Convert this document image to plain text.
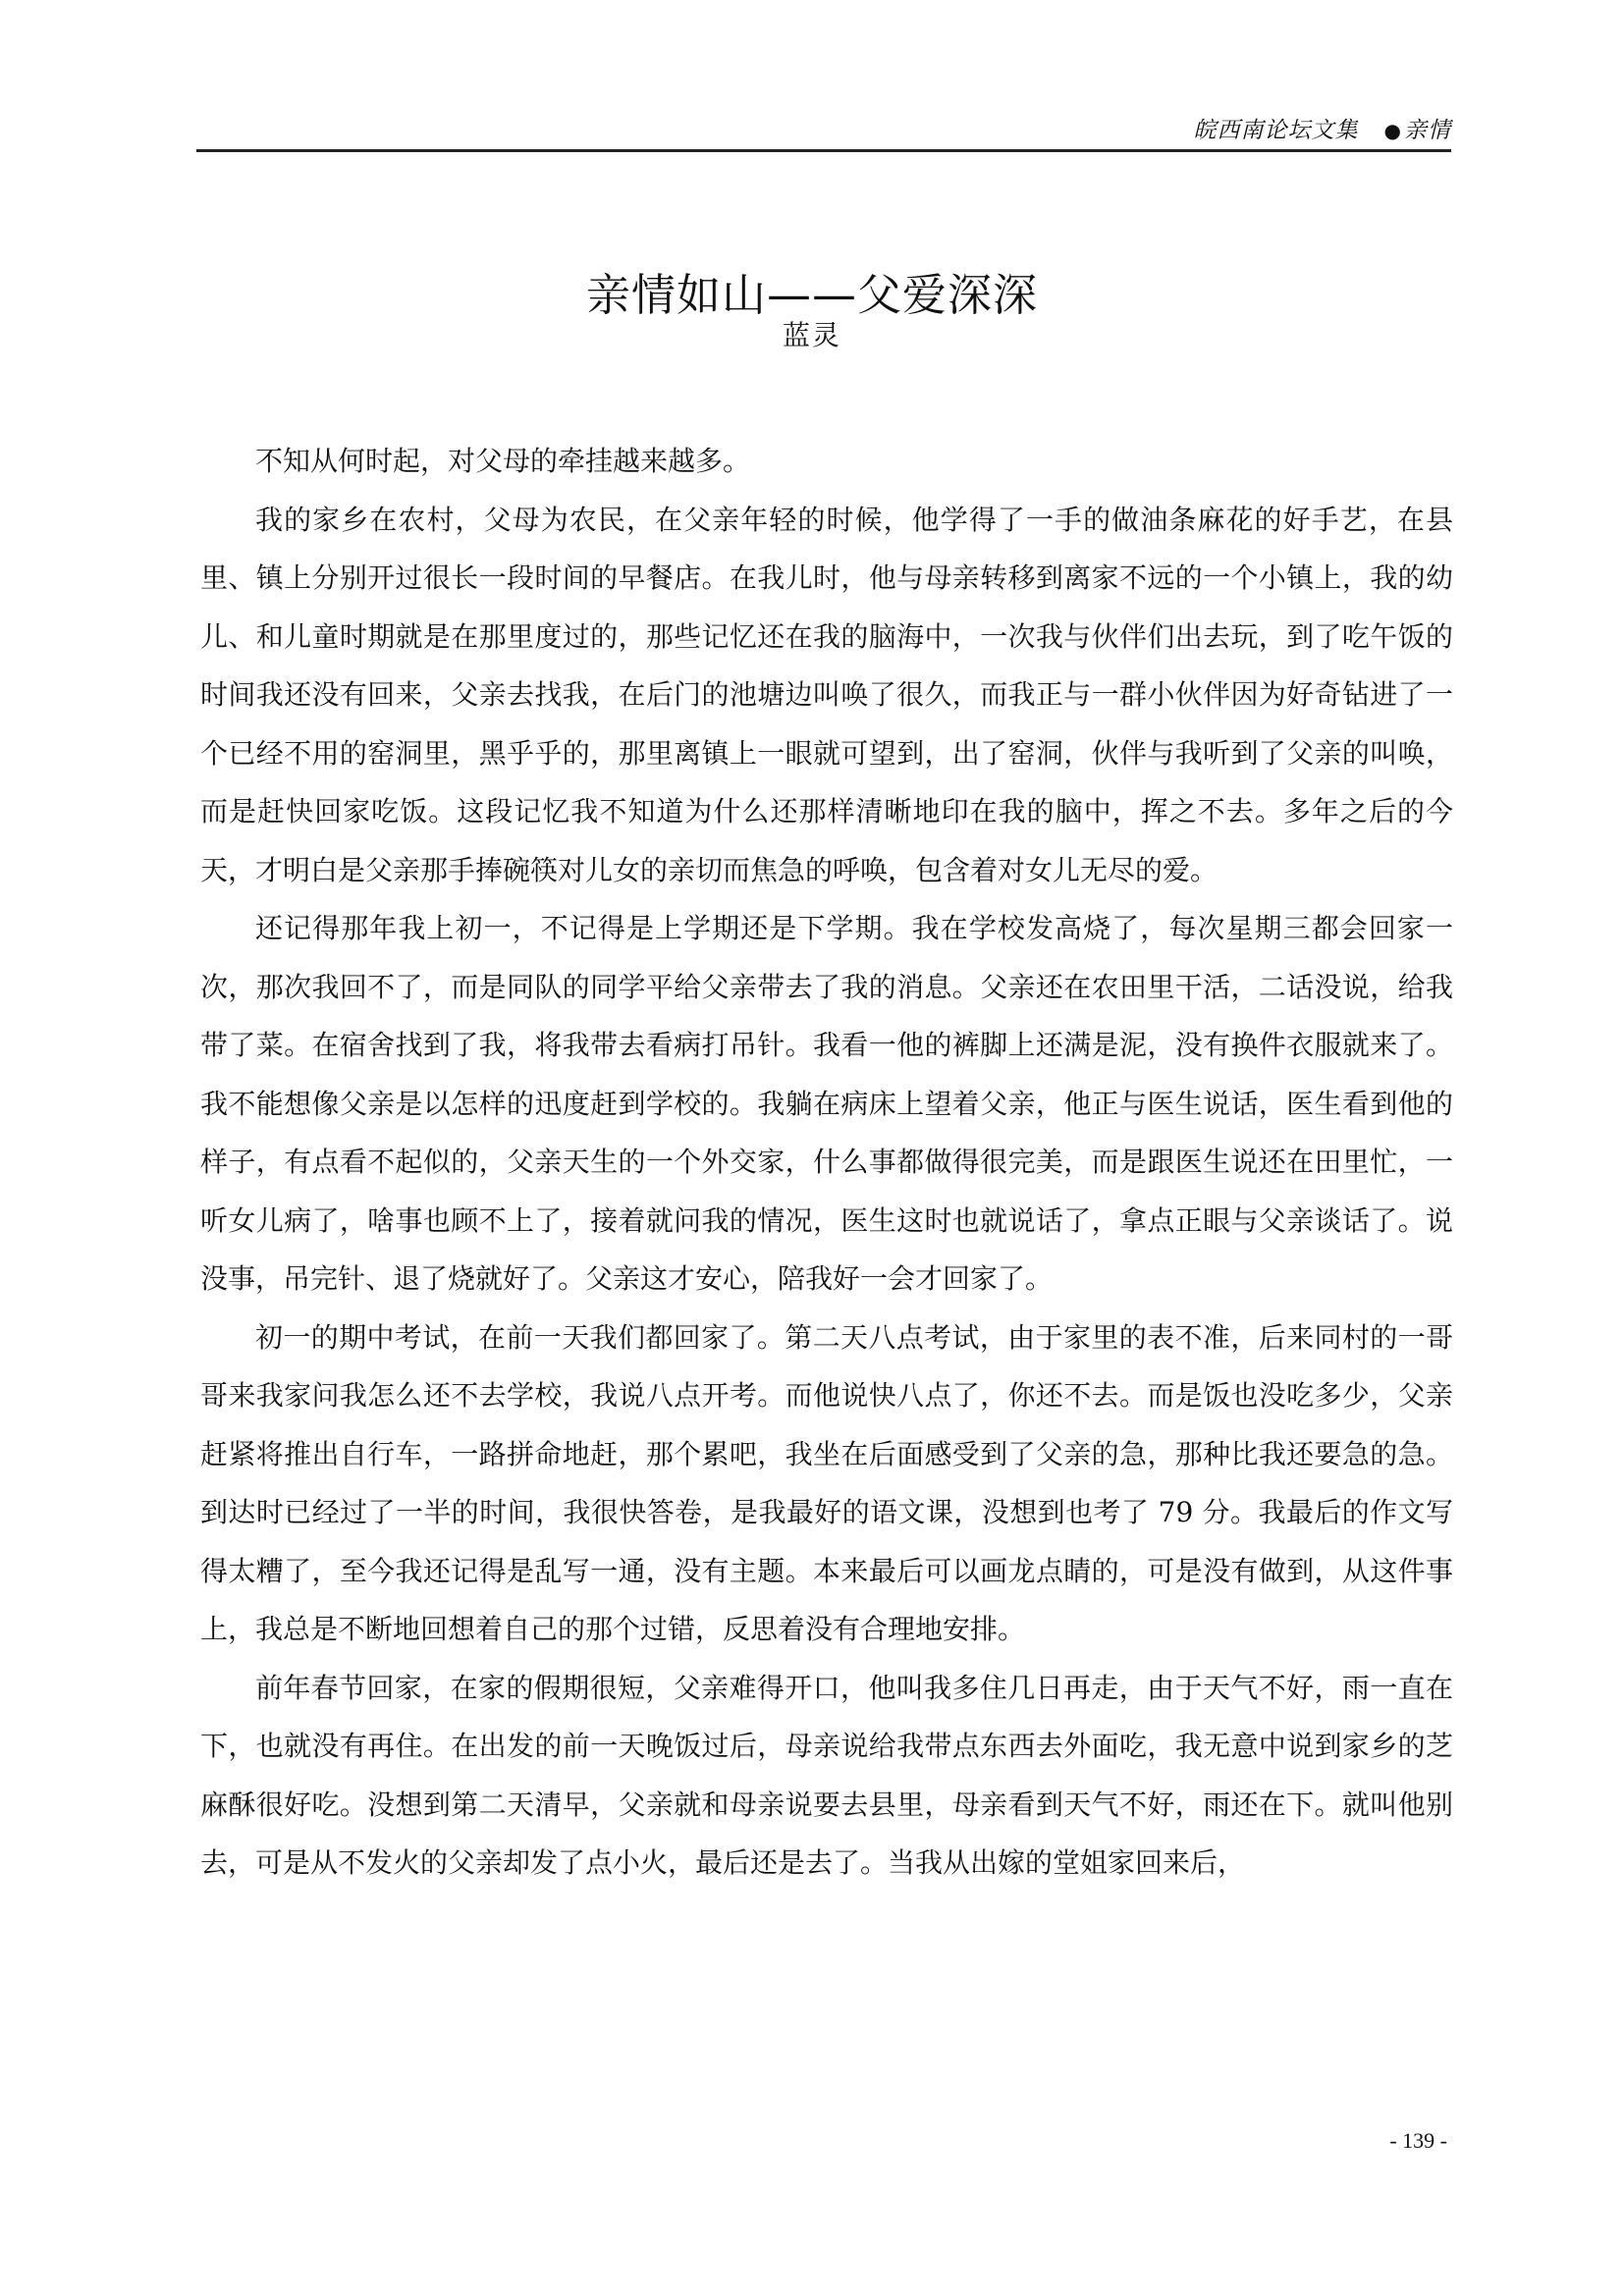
皖西南论坛文集 ●亲情
亲情如山——父爱深深
蓝灵

不知从何时起，对父母的牵挂越来越多。

我的家乡在农村，父母为农民，在父亲年轻的时候，他学得了一手的做油条麻花的好手艺，在县里、镇上分别开过很长一段时间的早餐店。在我儿时，他与母亲转移到离家不远的一个小镇上，我的幼儿、和儿童时期就是在那里度过的，那些记忆还在我的脑海中，一次我与伙伴们出去玩，到了吃午饭的时间我还没有回来，父亲去找我，在后门的池塘边叫唤了很久，而我正与一群小伙伴因为好奇钻进了一个已经不用的窑洞里，黑乎乎的，那里离镇上一眼就可望到，出了窑洞，伙伴与我听到了父亲的叫唤，而是赶快回家吃饭。这段记忆我不知道为什么还那样清晰地印在我的脑中，挥之不去。多年之后的今天，才明白是父亲那手捧碗筷对儿女的亲切而焦急的呼唤，包含着对女儿无尽的爱。

还记得那年我上初一，不记得是上学期还是下学期。我在学校发高烧了，每次星期三都会回家一次，那次我回不了，而是同队的同学平给父亲带去了我的消息。父亲还在农田里干活，二话没说，给我带了菜。在宿舍找到了我，将我带去看病打吊针。我看一他的裤脚上还满是泥，没有换件衣服就来了。我不能想像父亲是以怎样的迅度赶到学校的。我躺在病床上望着父亲，他正与医生说话，医生看到他的样子，有点看不起似的，父亲天生的一个外交家，什么事都做得很完美，而是跟医生说还在田里忙，一听女儿病了，啥事也顾不上了，接着就问我的情况，医生这时也就说话了，拿点正眼与父亲谈话了。说没事，吊完针、退了烧就好了。父亲这才安心，陪我好一会才回家了。

初一的期中考试，在前一天我们都回家了。第二天八点考试，由于家里的表不准，后来同村的一哥哥来我家问我怎么还不去学校，我说八点开考。而他说快八点了，你还不去。而是饭也没吃多少，父亲赶紧将推出自行车，一路拼命地赶，那个累吧，我坐在后面感受到了父亲的急，那种比我还要急的急。到达时已经过了一半的时间，我很快答卷，是我最好的语文课，没想到也考了 79 分。我最后的作文写得太糟了，至今我还记得是乱写一通，没有主题。本来最后可以画龙点睛的，可是没有做到，从这件事上，我总是不断地回想着自己的那个过错，反思着没有合理地安排。

前年春节回家，在家的假期很短，父亲难得开口，他叫我多住几日再走，由于天气不好，雨一直在下，也就没有再住。在出发的前一天晚饭过后，母亲说给我带点东西去外面吃，我无意中说到家乡的芝麻酥很好吃。没想到第二天清早，父亲就和母亲说要去县里，母亲看到天气不好，雨还在下。就叫他别去，可是从不发火的父亲却发了点小火，最后还是去了。当我从出嫁的堂姐家回来后，

- 139 -
